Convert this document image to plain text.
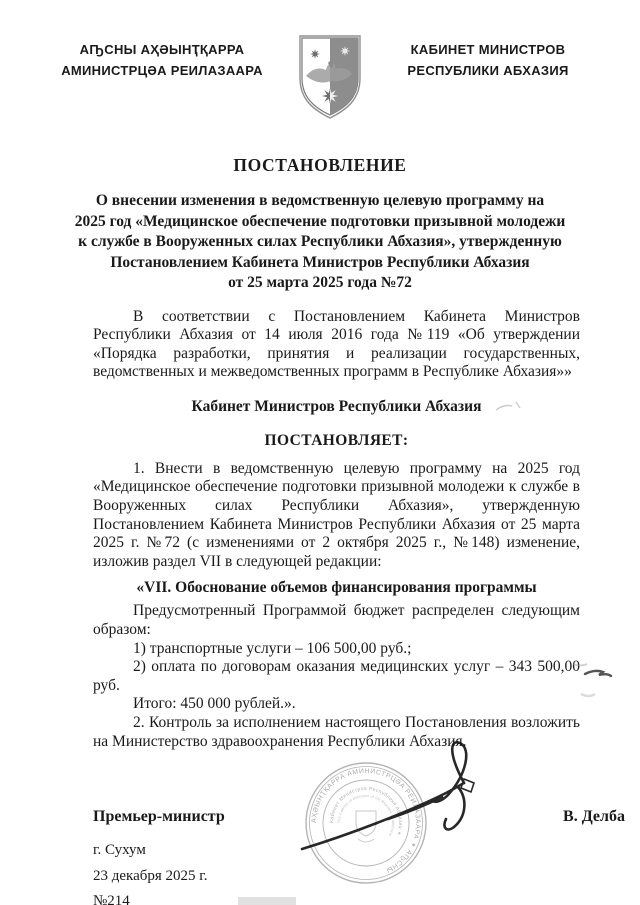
АҦСНЫ АҲӘЫНҬҚАРРА
АМИНИСТРЦӘА РЕИЛАЗААРА
КАБИНЕТ МИНИСТРОВ
РЕСПУБЛИКИ АБХАЗИЯ
ПОСТАНОВЛЕНИЕ
О внесении изменения в ведомственную целевую программу на
2025 год «Медицинское обеспечение подготовки призывной молодежи
к службе в Вооруженных силах Республики Абхазия», утвержденную
Постановлением Кабинета Министров Республики Абхазия
от 25 марта 2025 года №72

В соответствии с Постановлением Кабинета Министров Республики Абхазия от 14 июля 2016 года №119 «Об утверждении «Порядка разработки, принятия и реализации государственных, ведомственных и межведомственных программ в Республике Абхазия»»

Кабинет Министров Республики Абхазия

ПОСТАНОВЛЯЕТ:

1. Внести в ведомственную целевую программу на 2025 год «Медицинское обеспечение подготовки призывной молодежи к службе в Вооруженных силах Республики Абхазия», утвержденную Постановлением Кабинета Министров Республики Абхазия от 25 марта 2025 г. №72 (с изменениями от 2 октября 2025 г., №148) изменение, изложив раздел VII в следующей редакции:

«VII. Обоснование объемов финансирования программы

Предусмотренный Программой бюджет распределен следующим образом:

1) транспортные услуги – 106 500,00 руб.;

2) оплата по договорам оказания медицинских услуг – 343 500,00 руб.

Итого: 450 000 рублей.».

2. Контроль за исполнением настоящего Постановления возложить на Министерство здравоохранения Республики Абхазия.

Премьер-министр	В. Делба
г. Сухум
23 декабря 2025 г.
№214
АҲӘЫНҬҚАРРА АМИНИСТРЦӘА РЕИЛАЗААРА ✶ АҦСНЫ
Кабинет Министров Республики Абхазия ✶
The Cabinet of Ministers of the Republic of Abkhazia
